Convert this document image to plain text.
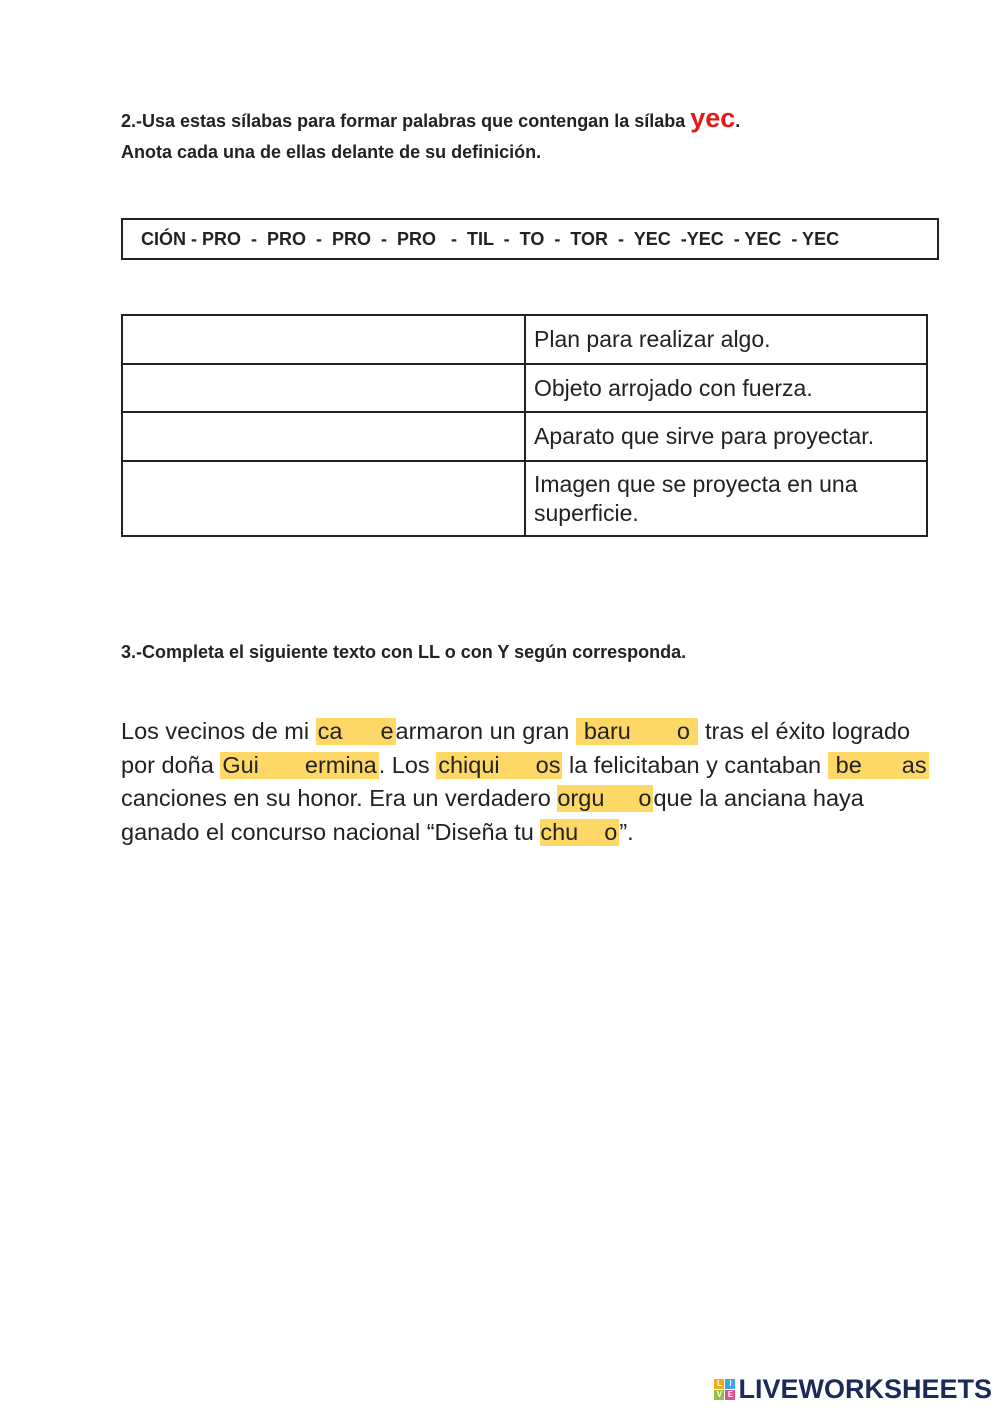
2.-Usa estas sílabas para formar palabras que contengan la sílaba yec.
Anota cada una de ellas delante de su definición.
CIÓN - PRO  -  PRO  -  PRO  -  PRO   -  TIL  -  TO  -  TOR  -  YEC  -YEC  - YEC  - YEC
	Plan para realizar algo.
	Objeto arrojado con fuerza.
	Aparato que sirve para proyectar.
	Imagen que se proyecta en una superficie.
3.-Completa el siguiente texto con LL o con Y según corresponda.
Los vecinos de mi ca earmaron un gran baru o  tras el éxito logrado por doña Gui ermina. Los chiqui os la felicitaban y cantaban be as canciones en su honor. Era un verdadero orgu oque la anciana haya ganado el concurso nacional “Diseña tu chu o”.
L I
V E LIVEWORKSHEETS
